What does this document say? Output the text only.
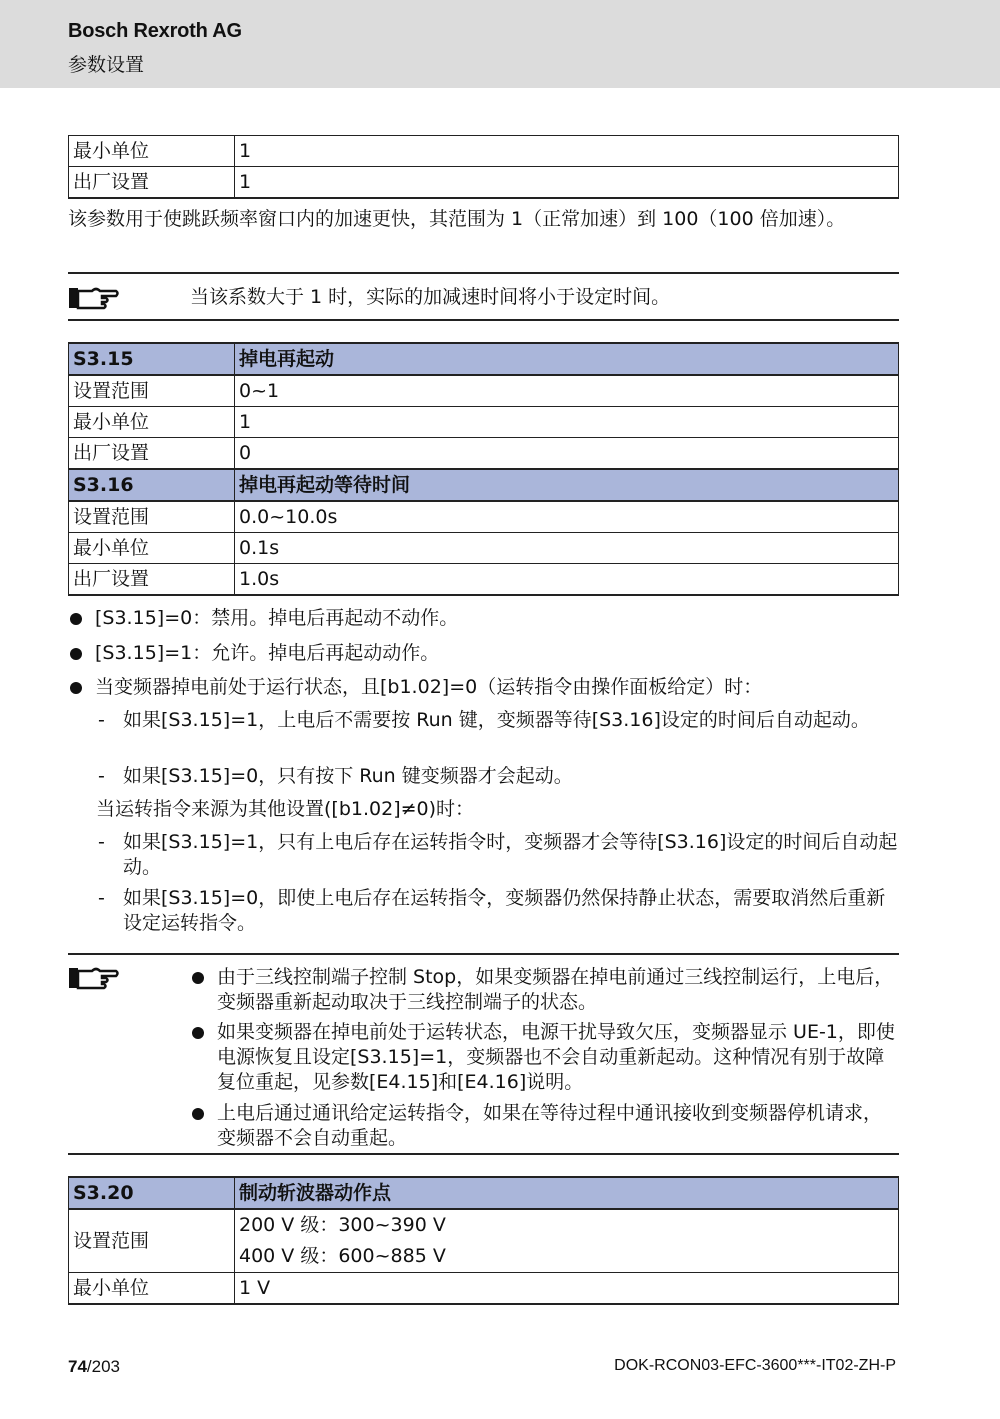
Bosch Rexroth AG
参数设置
最小单位	1
出厂设置	1
该参数用于使跳跃频率窗口内的加速更快，其范围为 1（正常加速）到 100（100 倍加速）。
当该系数大于 1 时，实际的加减速时间将小于设定时间。
S3.15	掉电再起动
设置范围	0~1
最小单位	1
出厂设置	0
S3.16	掉电再起动等待时间
设置范围	0.0~10.0s
最小单位	0.1s
出厂设置	1.0s
[S3.15]=0：禁用。掉电后再起动不动作。
[S3.15]=1：允许。掉电后再起动动作。
当变频器掉电前处于运行状态，且[b1.02]=0（运转指令由操作面板给定）时：
- 如果[S3.15]=1，上电后不需要按 Run 键，变频器等待[S3.16]设定的时间后自动起动。
- 如果[S3.15]=0，只有按下 Run 键变频器才会起动。
当运转指令来源为其他设置([b1.02]≠0)时：
- 如果[S3.15]=1，只有上电后存在运转指令时，变频器才会等待[S3.16]设定的时间后自动起动。
- 如果[S3.15]=0，即使上电后存在运转指令，变频器仍然保持静止状态，需要取消然后重新设定运转指令。
由于三线控制端子控制 Stop，如果变频器在掉电前通过三线控制运行，上电后，变频器重新起动取决于三线控制端子的状态。
如果变频器在掉电前处于运转状态，电源干扰导致欠压，变频器显示 UE-1，即使电源恢复且设定[S3.15]=1，变频器也不会自动重新起动。这种情况有别于故障复位重起，见参数[E4.15]和[E4.16]说明。
上电后通过通讯给定运转指令，如果在等待过程中通讯接收到变频器停机请求，变频器不会自动重起。
S3.20	制动斩波器动作点
设置范围	200 V 级：300~390 V
400 V 级：600~885 V

最小单位	1 V
74/203	DOK-RCON03-EFC-3600***-IT02-ZH-P
